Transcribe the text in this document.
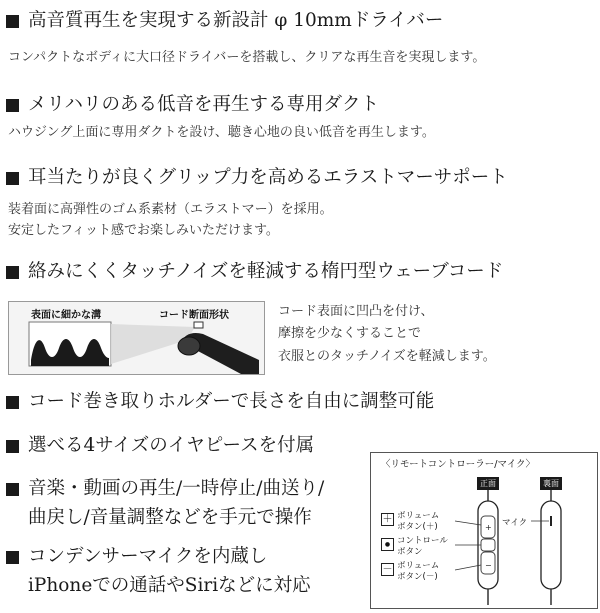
高音質再生を実現する新設計 φ 10mmドライバー
コンパクトなボディに大口径ドライバーを搭載し、クリアな再生音を実現します。
メリハリのある低音を再生する専用ダクト
ハウジング上面に専用ダクトを設け、聴き心地の良い低音を再生します。
耳当たりが良くグリップ力を高めるエラストマーサポート
装着面に高弾性のゴム系素材（エラストマー）を採用。
安定したフィット感でお楽しみいただけます。
絡みにくくタッチノイズを軽減する楕円型ウェーブコード
表面に細かな溝	コード断面形状	コード表面に凹凸を付け、
摩擦を少なくすることで
衣服とのタッチノイズを軽減します。
コード巻き取りホルダーで長さを自由に調整可能
選べる4サイズのイヤピースを付属
音楽・動画の再生/一時停止/曲送り/
曲戻し/音量調整などを手元で操作
コンデンサーマイクを内蔵し
iPhoneでの通話やSiriなどに対応
〈リモートコントローラー/マイク〉
正面	裏面
+
−
＋ ボリューム
ボタン(＋)
● コントロール
ボタン
－ ボリューム
ボタン(－)
マイク
